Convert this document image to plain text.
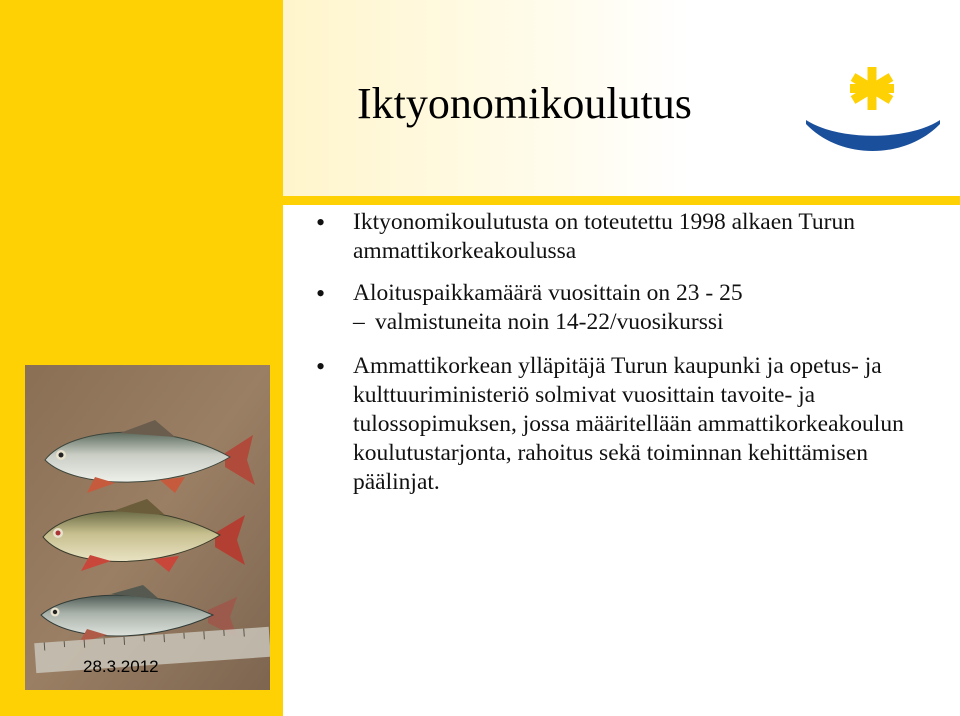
Iktyonomikoulutus
• Iktyonomikoulutusta on toteutettu 1998 alkaen Turun ammattikorkeakoulussa
• Aloituspaikkamäärä vuosittain on 23 - 25
– valmistuneita noin 14-22/vuosikurssi
• Ammattikorkean ylläpitäjä Turun kaupunki ja opetus- ja kulttuuriministeriö solmivat vuosittain tavoite- ja tulossopimuksen, jossa määritellään ammattikorkeakoulun koulutustarjonta, rahoitus sekä toiminnan kehittämisen päälinjat.
28.3.2012
